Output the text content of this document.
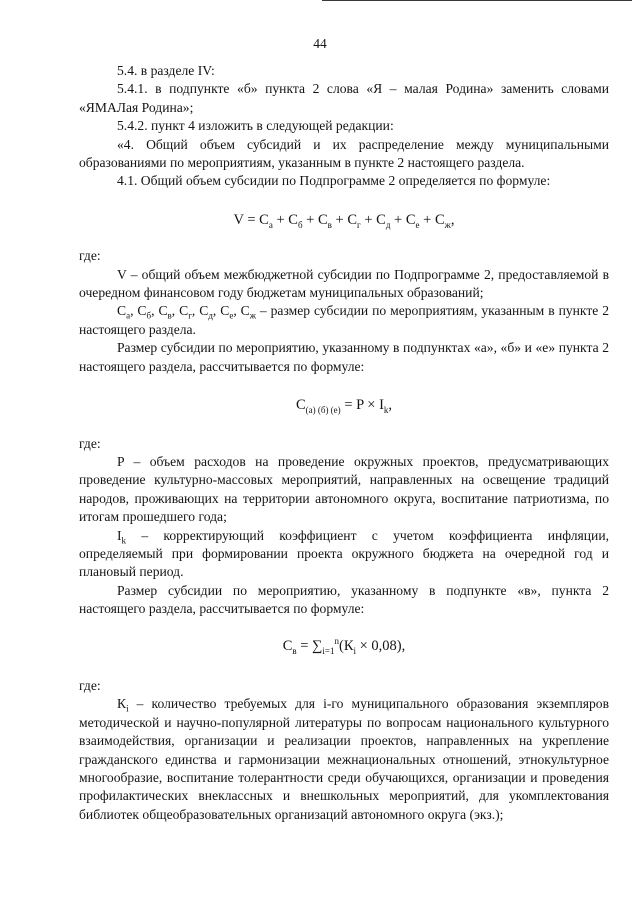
44

5.4. в разделе IV:

5.4.1. в подпункте «б» пункта 2 слова «Я – малая Родина» заменить словами «ЯМАЛая Родина»;

5.4.2. пункт 4 изложить в следующей редакции:

«4. Общий объем субсидий и их распределение между муниципальными образованиями по мероприятиям, указанным в пункте 2 настоящего раздела.

4.1. Общий объем субсидии по Подпрограмме 2 определяется по формуле:

$V = С_а + С_б + С_в + С_г + С_д + С_е + С_ж$,

где:

V – общий объем межбюджетной субсидии по Подпрограмме 2, предоставляемой в очередном финансовом году бюджетам муниципальных образований;

$С_а$, $С_б$, $С_в$, $С_г$, $С_д$, $С_е$, $С_ж$ – размер субсидии по мероприятиям, указанным в пункте 2 настоящего раздела.

Размер субсидии по мероприятию, указанному в подпунктах «а», «б» и «е» пункта 2 настоящего раздела, рассчитывается по формуле:

$С_{(а) (б) (е)} = P \times I_k$,

где:

P – объем расходов на проведение окружных проектов, предусматривающих проведение культурно-массовых мероприятий, направленных на освещение традиций народов, проживающих на территории автономного округа, воспитание патриотизма, по итогам прошедшего года;

$I_k$ – корректирующий коэффициент с учетом коэффициента инфляции, определяемый при формировании проекта окружного бюджета на очередной год и плановый период.

Размер субсидии по мероприятию, указанному в подпункте «в», пункта 2 настоящего раздела, рассчитывается по формуле:

$С_в = \sum_{i=1}^n(К_i \times 0,08)$,

где:

$К_i$ – количество требуемых для i-го муниципального образования экземпляров методической и научно-популярной литературы по вопросам национального культурного взаимодействия, организации и реализации проектов, направленных на укрепление гражданского единства и гармонизации межнациональных отношений, этнокультурное многообразие, воспитание толерантности среди обучающихся, организации и проведения профилактических внеклассных и внешкольных мероприятий, для укомплектования библиотек общеобразовательных организаций автономного округа (экз.);
